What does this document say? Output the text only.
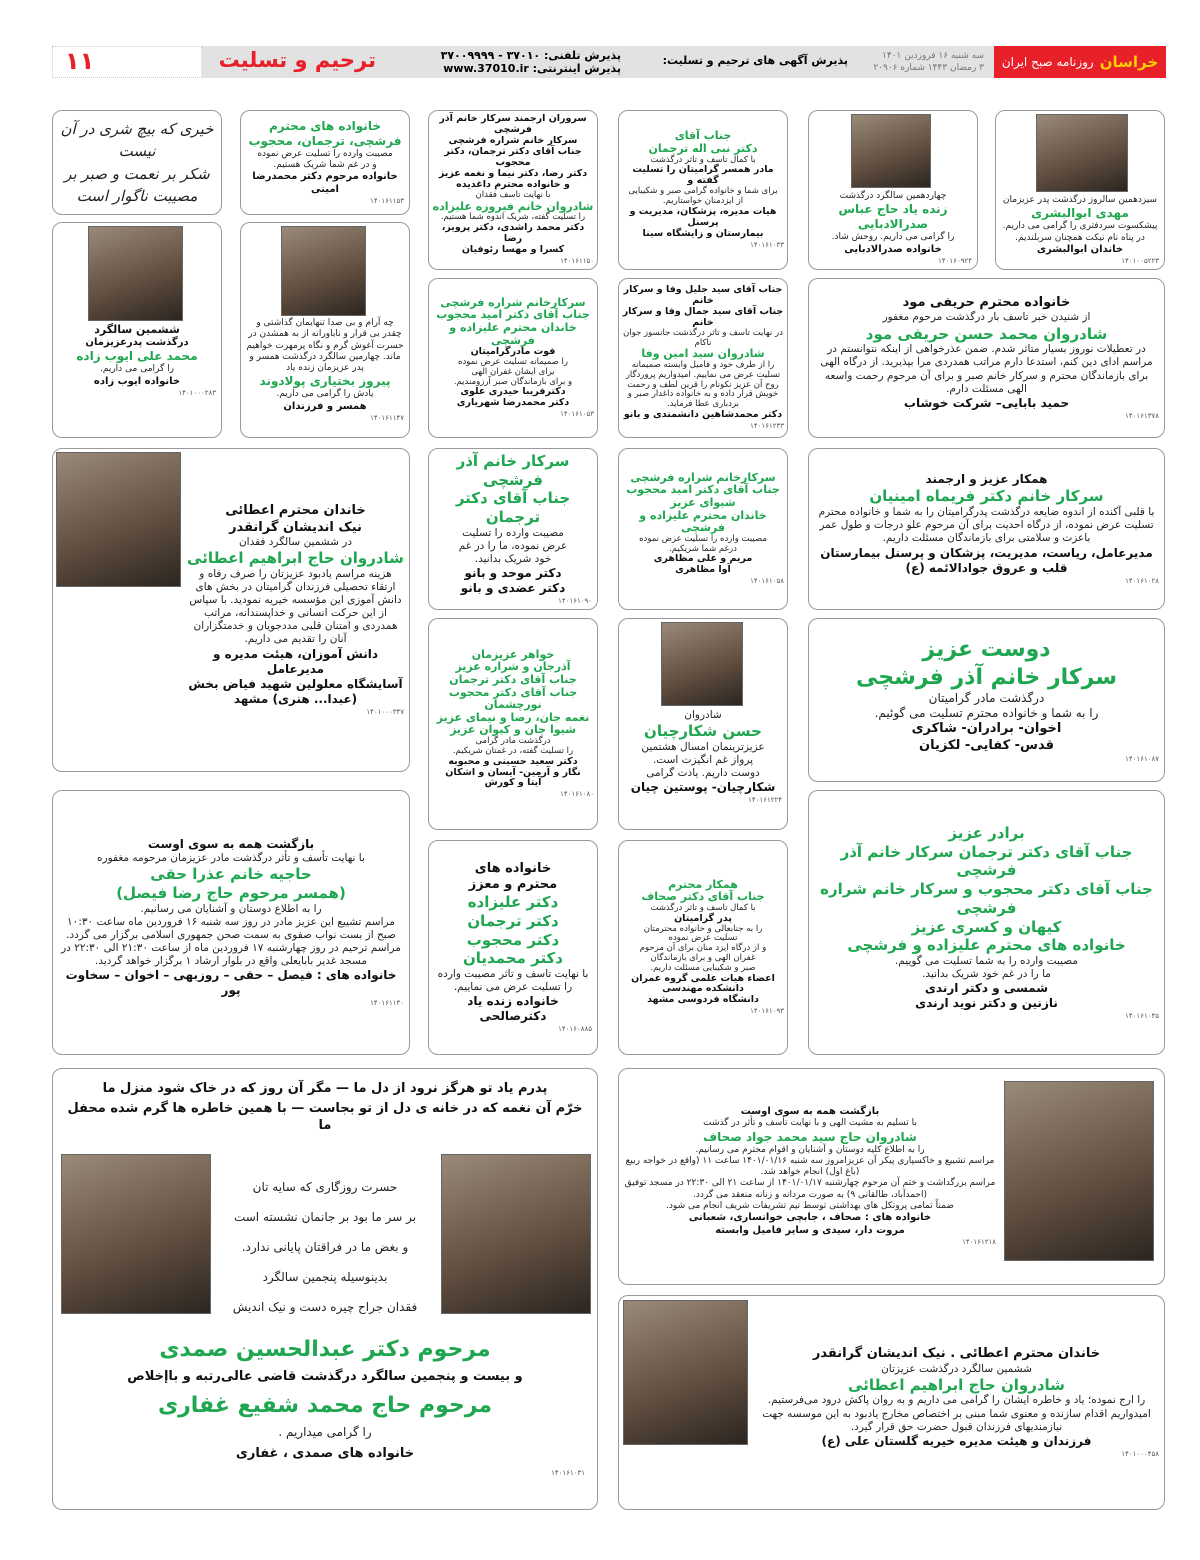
خراسان
روزنامه صبح ایران
سه شنبه ۱۶ فروردین ۱۴۰۱
۳ رمضان ۱۴۴۳ شماره ۲۰۹۰۶
پذیرش آگهی های ترحیم و تسلیت:
پذیرش تلفنی: ۳۷۰۱۰ - ۳۷۰۰۹۹۹۹
پذیرش اینترنتی: www.37010.ir
ترحیم و تسلیت
۱۱
سیزدهمین سالروز درگذشت پدر عزیزمان
مهدی ابوالبشری
پیشکسوت سردفتری را گرامی می داریم.
در پناه نام نیکت همچنان سربلندیم.
خاندان ابوالبشری
۱۴۰۱۰۰۵۲۲۳
چهاردهمین سالگرد درگذشت
زنده یاد حاج عباس صدرالادبایی
را گرامی می داریم. روحش شاد.
خانواده صدرالادبایی
۱۴۰۱۶۰۹۲۴
جناب آقای
دکتر نبی اله ترجمان
با کمال تاسف و تاثر درگذشت
مادر همسر گرامیتان را تسلیت گفته و
برای شما و خانواده گرامی صبر و شکیبایی
از ایزدمنان خواستاریم.
هیات مدیره، پزشکان، مدیریت و پرسنل
بیمارستان و زایشگاه سینا
۱۴۰۱۶۱۰۴۳
سروران ارجمند سرکار خانم آذر فرشچی
سرکار خانم شراره فرشچی
جناب آقای دکتر ترجمان، دکتر محجوب
دکتر رضا، دکتر نیما و نغمه عزیز
و خانواده محترم داغدیده
با نهایت تاسف فقدان
شادروان خانم فیروزه علیزاده
را تسلیت گفته، شریک اندوه شما هستیم.
دکتر محمد راشدی، دکتر پرویز، رضا
کسرا و مهسا رئوفیان
۱۴۰۱۶۱۱۵۰
خانواده های محترم
فرشچی، ترجمان، محجوب
مصیبت وارده را تسلیت عرض نموده
و در غم شما شریک هستیم.
خانواده مرحوم دکتر محمدرضا امینی
۱۴۰۱۶۱۱۵۳
خیری که بیچ شری در آن نیست
شکر بر نعمت و صبر بر مصیبت ناگوار است
ششمین سالگرد
درگذشت پدرعزیزمان
محمد علی ایوب زاده
را گرامی می داریم.
خانواده ایوب زاده
۱۴۰۱۰۰۰۲۸۳
چه آرام و بی صدا تنهایمان گذاشتی و چقدر بی قرار و ناباورانه از به همشدن در حسرت آغوش گرم و نگاه پرمهرت خواهیم ماند. چهارمین سالگرد درگذشت همسر و پدر عزیزمان زنده یاد
پیروز بختیاری پولادوند
یادش را گرامی می داریم.
همسر و فرزندان
۱۴۰۱۶۱۱۴۷
سرکارخانم شراره فرشچی
جناب آقای دکتر امید محجوب
خاندان محترم علیزاده و فرشچی
فوت مادرگرامیتان
را صمیمانه تسلیت عرض نموده
برای ایشان غفران الهی
و برای بازماندگان صبر آرزومندیم.
دکترفریبا حیدری علوی
دکتر محمدرضا شهریاری
۱۴۰۱۶۱۰۵۳
جناب آقای سید جلیل وفا و سرکار خانم
جناب آقای سید جمال وفا و سرکار خانم
در نهایت تاسف و تاثر درگذشت جانسوز جوان ناکام
شادروان سید امین وفا
را از طرف خود و فامیل وابسته صمیمانه تسلیت عرض می نماییم. امیدواریم پروردگار روح آن عزیز نکونام را قرین لطف و رحمت خویش قرار داده و به خانواده داغدار صبر و بردباری عطا فرماید.
دکتر محمدشاهین دانشمندی و بانو
۱۴۰۱۶۱۲۳۳
خانواده محترم حریفی مود
از شنیدن خبر تاسف بار درگذشت مرحوم مغفور
شادروان محمد حسن حریفی مود
در تعطیلات نوروز بسیار متاثر شدم. ضمن عذرخواهی از اینکه نتوانستم در مراسم ادای دین کنم، استدعا دارم مراتب همدردی مرا بپذیرید. از درگاه الهی برای بازماندگان محترم و سرکار خانم صبر و برای آن مرحوم رحمت واسعه الهی مسئلت دارم.
حمید بابایی– شرکت خوشاب
۱۴۰۱۶۱۳۷۸
خاندان محترم اعطائی
نیک اندیشان گرانقدر
در ششمین سالگرد فقدان
شادروان حاج ابراهیم اعطائی
هزینه مراسم یادبود عزیزتان را صرف رفاه و ارتقاء تحصیلی فرزندان گرامیتان در بخش های دانش آموزی این مؤسسه خیریه نمودید. با سپاس از این حرکت انسانی و خداپسندانه، مراتب همدردی و امتنان قلبی مددجویان و خدمتگزاران آنان را تقدیم می داریم.
دانش آموزان، هیئت مدیره و مدیرعامل
آسایشگاه معلولین شهید فیاض بخش (عبدا... هنری) مشهد
۱۴۰۱۰۰۰۳۴۷
سرکار خانم آذر فرشچی
جناب آقای دکتر ترجمان
مصیبت وارده را تسلیت
عرض نموده، ما را در غم
خود شریک بدانید.
دکتر موحد و بانو
دکتر عضدی و بانو
۱۴۰۱۶۱۰۹۰
سرکارخانم شراره فرشچی
جناب آقای دکتر امید محجوب
شیوای عزیز
خاندان محترم علیزاده و فرشچی
مصیبت وارده را تسلیت عرض نموده
درغم شما شریکیم.
مریم و علی مظاهری
آوا مظاهری
۱۴۰۱۶۱۰۵۸
همکار عزیز و ارجمند
سرکار خانم دکتر فریماه امینیان
با قلبی آکنده از اندوه ضایعه درگذشت پدرگرامیتان را به شما و خانواده محترم تسلیت عرض نموده، از درگاه احدیت برای آن مرحوم علو درجات و طول عمر باعزت و سلامتی برای بازماندگان مسئلت داریم.
مدیرعامل، ریاست، مدیریت، پزشکان و پرسنل بیمارستان قلب و عروق جوادالائمه (ع)
۱۴۰۱۶۱۰۲۸
خواهر عزیزمان
آذرجان و شراره عزیز
جناب آقای دکتر ترجمان
جناب آقای دکتر محجوب
نورچشمان
نغمه جان، رضا و نیمای عزیز
شیوا جان و کیوان عزیز
درگذشت مادر گرامی
را تسلیت گفته، در غمتان شریکیم.
دکتر سعید حسینی و محبوبه
نگار و آرمین- آیسان و اشکان
آیتا و کورش
۱۴۰۱۶۱۰۸۰
شادروان
حسن شکارچیان
عزیزترینمان امسال هشتمین
پرواز غم انگیزت است.
دوست داریم. یادت گرامی
شکارچیان- پوستین چیان
۱۴۰۱۶۱۲۲۴
دوست عزیز
سرکار خانم آذر فرشچی
درگذشت مادر گرامیتان
را به شما و خانواده محترم تسلیت می گوئیم.
اخوان- برادران- شاکری
قدس- کفایی- لکزیان
۱۴۰۱۶۱۰۸۷
بازگشت همه به سوی اوست
با نهایت تأسف و تأثر درگذشت مادر عزیزمان مرحومه مغفوره
حاجیه خانم عذرا حقی
(همسر مرحوم حاج رضا فیصل)
را به اطلاع دوستان و آشنایان می رسانیم.
مراسم تشییع این عزیز مادر در روز سه شنبه ۱۶ فروردین ماه ساعت ۱۰:۳۰ صبح از بست نواب صفوی به سمت صحن جمهوری اسلامی برگزار می گردد.
مراسم ترحیم در روز چهارشنبه ۱۷ فروردین ماه از ساعت ۲۱:۳۰ الی ۲۲:۳۰ در مسجد غدیر بابایعلی واقع در بلوار ارشاد ۱ برگزار خواهد گردید.
خانواده های : فیصل – حقی – روزبهی – اخوان – سخاوت پور
۱۴۰۱۶۱۱۴۰
خانواده های
محترم و معزز
دکتر علیزاده
دکتر ترجمان
دکتر محجوب
دکتر محمدیان
با نهایت تاسف و تاثر مصیبت وارده
را تسلیت عرض می نماییم.
خانواده زنده یاد دکترصالحی
۱۴۰۱۶۰۸۸۵
همکار محترم
جناب آقای دکتر صحاف
با کمال تاسف و تاثر درگذشت
پدر گرامیتان
را به جنابعالی و خانواده محترمتان
تسلیت عرض نموده
و از درگاه ایزد منان برای آن مرحوم
غفران الهی و برای بازماندگان
صبر و شکیبایی مسئلت داریم.
اعضاء هیات علمی گروه عمران
دانشکده مهندسی
دانشگاه فردوسی مشهد
۱۴۰۱۶۱۰۹۳
برادر عزیز
جناب آقای دکتر ترجمان سرکار خانم آذر فرشچی
جناب آقای دکتر محجوب و سرکار خانم شراره فرشچی
کیهان و کسری عزیز
خانواده های محترم علیزاده و فرشچی
مصیبت وارده را به شما تسلیت می گوییم.
ما را در غم خود شریک بدانید.
شمسی و دکتر ارندی
نازنین و دکتر نوید ارندی
۱۴۰۱۶۱۰۴۵
پدرم یاد تو هرگز نرود از دل ما — مگر آن روز که در خاک شود منزل ما
خرّم آن نغمه که در خانه ی دل از تو بجاست — با همین خاطره ها گرم شده محفل ما
حسرت روزگاری که سایه تان
بر سر ما بود بر جانمان نشسته است
و بغض ما در فراقتان پایانی ندارد.
بدینوسیله پنجمین سالگرد
فقدان جراح چیره دست و نیک اندیش
مرحوم دکتر عبدالحسین صمدی
و بیست و پنجمین سالگرد درگذشت قاضی عالی‌رتبه و باإخلاص
مرحوم حاج محمد شفیع غفاری
را گرامی میداریم .
خانواده های صمدی ، غفاری
۱۴۰۱۶۱۰۳۱
بازگشت همه به سوی اوست
با تسلیم به مشیت الهی و با نهایت تأسف و تأثر در گذشت
شادروان حاج سید محمد جواد صحاف
را به اطلاع کلیه دوستان و آشنایان و اقوام محترم می رسانیم.
مراسم تشییع و خاکسپاری پیکر آن عزیزامروز سه شنبه ۱۴۰۱/۰۱/۱۶ ساعت ۱۱ (واقع در خواجه ربیع (باغ اول) انجام خواهد شد.
مراسم بزرگداشت و ختم آن مرحوم چهارشنبه ۱۴۰۱/۰۱/۱۷ از ساعت ۲۱ الی ۲۲:۳۰ در مسجد توفیق (احمدآباد، طالقانی ۹) به صورت مردانه و زنانه منعقد می گردد.
ضمناً تمامی پروتکل های بهداشتی توسط تیم تشریفات شریف انجام می شود.
خانواده های : صحاف ، جابچی خوانساری، شعبانی
مروت دار، سیدی و سایر فامیل وابسته
۱۴۰۱۶۱۲۱۸
خاندان محترم اعطائی . نیک اندیشان گرانقدر
ششمین سالگرد درگذشت عزیزتان
شادروان حاج ابراهیم اعطائی
را ارج نموده؛ یاد و خاطره ایشان را گرامی می داریم و به روان پاکش درود می‌فرستیم.
امیدواریم اقدام سازنده و معنوی شما مبنی بر اختصاص مخارج یادبود به این موسسه جهت نیازمندیهای فرزندان قبول حضرت حق قرار گیرد.
فرزندان و هیئت مدیره خیریه گلستان علی (ع)
۱۴۰۱۰۰۰۴۵۸
